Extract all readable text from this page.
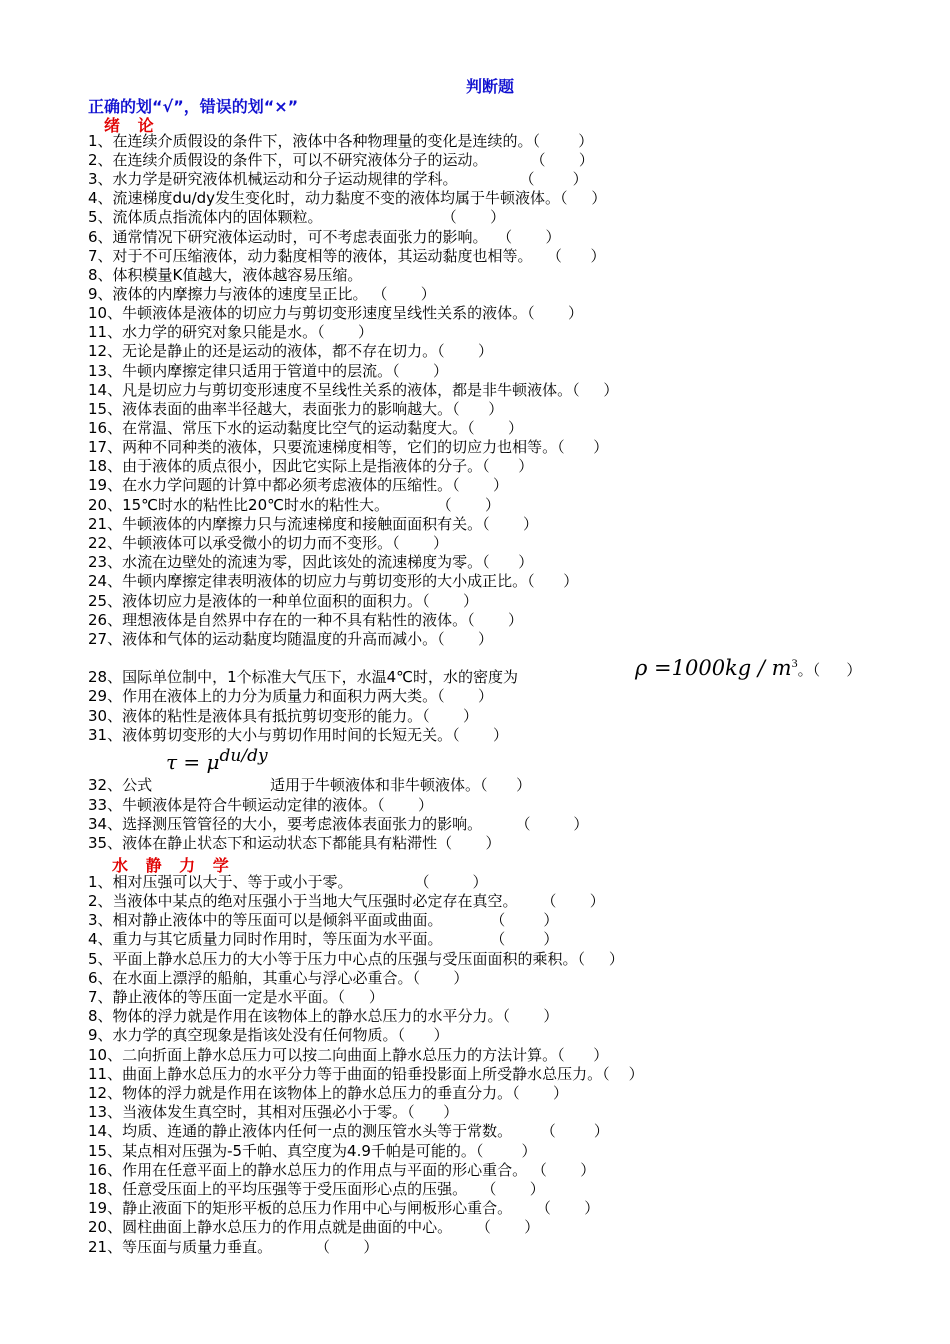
判断题
正确的划“√”，错误的划“×”
绪 论
1、在连续介质假设的条件下，液体中各种物理量的变化是连续的。（        ）
2、在连续介质假设的条件下，可以不研究液体分子的运动。         （       ）
3、水力学是研究液体机械运动和分子运动规律的学科。             （        ）
4、流速梯度du/dy发生变化时，动力黏度不变的液体均属于牛顿液体。（     ）
5、流体质点指流体内的固体颗粒。                         （       ）
6、通常情况下研究液体运动时，可不考虑表面张力的影响。  （       ）
7、对于不可压缩液体，动力黏度相等的液体，其运动黏度也相等。   （      ）
8、体积模量K值越大，液体越容易压缩。
9、液体的内摩擦力与液体的速度呈正比。 （       ）
10、牛顿液体是液体的切应力与剪切变形速度呈线性关系的液体。（       ）
11、水力学的研究对象只能是水。（       ）
12、无论是静止的还是运动的液体，都不存在切力。（       ）
13、牛顿内摩擦定律只适用于管道中的层流。（       ）
14、凡是切应力与剪切变形速度不呈线性关系的液体，都是非牛顿液体。（     ）
15、液体表面的曲率半径越大，表面张力的影响越大。（      ）
16、在常温、常压下水的运动黏度比空气的运动黏度大。（       ）
17、两种不同种类的液体，只要流速梯度相等，它们的切应力也相等。（      ）
18、由于液体的质点很小，因此它实际上是指液体的分子。（      ）
19、在水力学问题的计算中都必须考虑液体的压缩性。（       ）
20、15℃时水的粘性比20℃时水的粘性大。          （       ）
21、牛顿液体的内摩擦力只与流速梯度和接触面面积有关。（       ）
22、牛顿液体可以承受微小的切力而不变形。（       ）
23、水流在边壁处的流速为零，因此该处的流速梯度为零。（      ）
24、牛顿内摩擦定律表明液体的切应力与剪切变形的大小成正比。（      ）
25、液体切应力是液体的一种单位面积的面积力。（       ）
26、理想液体是自然界中存在的一种不具有粘性的液体。（       ）
27、液体和气体的运动黏度均随温度的升高而减小。（       ）
28、国际单位制中，1个标准大气压下，水温4℃时，水的密度为
29、作用在液体上的力分为质量力和面积力两大类。（       ）
30、液体的粘性是液体具有抵抗剪切变形的能力。（       ）
31、液体剪切变形的大小与剪切作用时间的长短无关。（       ）
32、公式
33、牛顿液体是符合牛顿运动定律的液体。（       ）
34、选择测压管管径的大小，要考虑液体表面张力的影响。       （         ）
35、液体在静止状态下和运动状态下都能具有粘滞性（       ）
适用于牛顿液体和非牛顿液体。（      ）
$\rho =1000kg / m^3$。（       ）
$\tau = \mu^{du/dy}$
水 静 力 学
1、相对压强可以大于、等于或小于零。             （         ）
2、当液体中某点的绝对压强小于当地大气压强时必定存在真空。     （       ）
3、相对静止液体中的等压面可以是倾斜平面或曲面。          （        ）
4、重力与其它质量力同时作用时，等压面为水平面。          （        ）
5、平面上静水总压力的大小等于压力中心点的压强与受压面面积的乘积。（     ）
6、在水面上漂浮的船舶，其重心与浮心必重合。（       ）
7、静止液体的等压面一定是水平面。（     ）
8、物体的浮力就是作用在该物体上的静水总压力的水平分力。（       ）
9、水力学的真空现象是指该处没有任何物质。（      ）
10、二向折面上静水总压力可以按二向曲面上静水总压力的方法计算。（      ）
11、曲面上静水总压力的水平分力等于曲面的铅垂投影面上所受静水总压力。（    ）
12、物体的浮力就是作用在该物体上的静水总压力的垂直分力。（       ）
13、当液体发生真空时，其相对压强必小于零。（      ）
14、均质、连通的静止液体内任何一点的测压管水头等于常数。      （        ）
15、某点相对压强为-5千帕、真空度为4.9千帕是可能的。（        ）
16、作用在任意平面上的静水总压力的作用点与平面的形心重合。 （       ）
18、任意受压面上的平均压强等于受压面形心点的压强。   （       ）
19、静止液面下的矩形平板的总压力作用中心与闸板形心重合。     （       ）
20、圆柱曲面上静水总压力的作用点就是曲面的中心。     （       ）
21、等压面与质量力垂直。         （       ）
